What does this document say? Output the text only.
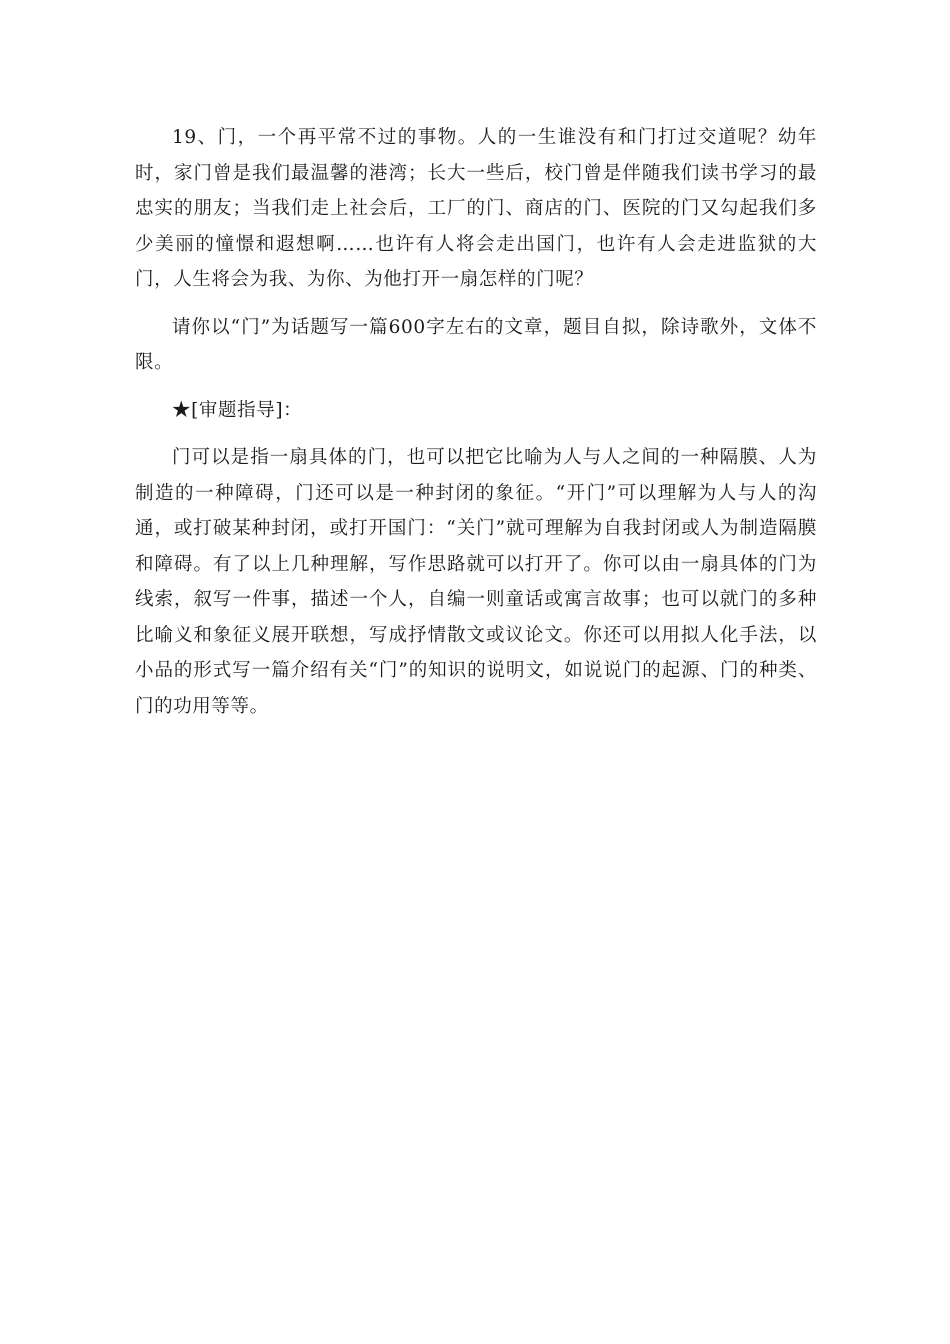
19、门，一个再平常不过的事物。人的一生谁没有和门打过交道呢？幼年时，家门曾是我们最温馨的港湾；长大一些后，校门曾是伴随我们读书学习的最忠实的朋友；当我们走上社会后，工厂的门、商店的门、医院的门又勾起我们多少美丽的憧憬和遐想啊……也许有人将会走出国门，也许有人会走进监狱的大门，人生将会为我、为你、为他打开一扇怎样的门呢？

请你以“门”为话题写一篇600字左右的文章，题目自拟，除诗歌外，文体不限。

★[审题指导]：

门可以是指一扇具体的门，也可以把它比喻为人与人之间的一种隔膜、人为制造的一种障碍，门还可以是一种封闭的象征。“开门”可以理解为人与人的沟通，或打破某种封闭，或打开国门：“关门”就可理解为自我封闭或人为制造隔膜和障碍。有了以上几种理解，写作思路就可以打开了。你可以由一扇具体的门为线索，叙写一件事，描述一个人，自编一则童话或寓言故事；也可以就门的多种比喻义和象征义展开联想，写成抒情散文或议论文。你还可以用拟人化手法，以小品的形式写一篇介绍有关“门”的知识的说明文，如说说门的起源、门的种类、门的功用等等。
